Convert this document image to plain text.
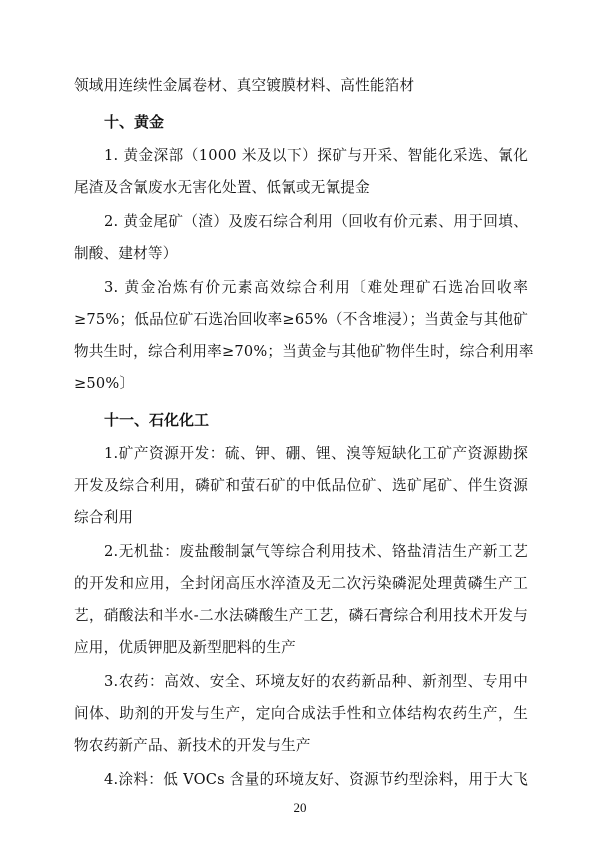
领域用连续性金属卷材、真空镀膜材料、高性能箔材
十、黄金
1. 黄金深部（1000 米及以下）探矿与开采、智能化采选、氰化
尾渣及含氰废水无害化处置、低氰或无氰提金
2. 黄金尾矿（渣）及废石综合利用（回收有价元素、用于回填、
制酸、建材等）
3. 黄金冶炼有价元素高效综合利用〔难处理矿石选冶回收率
≥75%；低品位矿石选冶回收率≥65%（不含堆浸）；当黄金与其他矿
物共生时，综合利用率≥70%；当黄金与其他矿物伴生时，综合利用率
≥50%〕
十一、石化化工
1.矿产资源开发：硫、钾、硼、锂、溴等短缺化工矿产资源勘探
开发及综合利用，磷矿和萤石矿的中低品位矿、选矿尾矿、伴生资源
综合利用
2.无机盐：废盐酸制氯气等综合利用技术、铬盐清洁生产新工艺
的开发和应用，全封闭高压水淬渣及无二次污染磷泥处理黄磷生产工
艺，硝酸法和半水-二水法磷酸生产工艺，磷石膏综合利用技术开发与
应用，优质钾肥及新型肥料的生产
3.农药：高效、安全、环境友好的农药新品种、新剂型、专用中
间体、助剂的开发与生产，定向合成法手性和立体结构农药生产，生
物农药新产品、新技术的开发与生产
4.涂料：低 VOCs 含量的环境友好、资源节约型涂料，用于大飞
20
